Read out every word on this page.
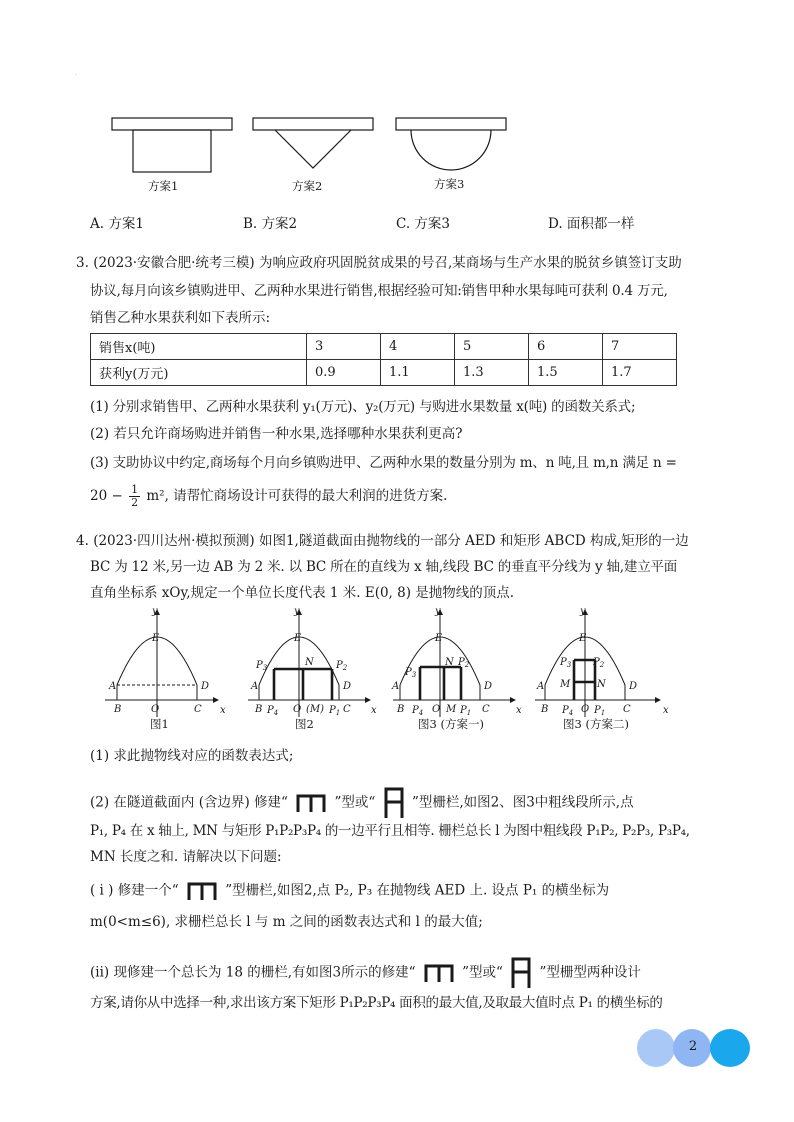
·
方案1	方案2	方案3
A. 方案1	B. 方案2	C. 方案3	D. 面积都一样
3. (2023·安徽合肥·统考三模) 为响应政府巩固脱贫成果的号召,某商场与生产水果的脱贫乡镇签订支助
协议,每月向该乡镇购进甲、乙两种水果进行销售,根据经验可知:销售甲种水果每吨可获利 0.4 万元,
销售乙种水果获利如下表所示:
销售x(吨)	3	4	5	6	7
获利y(万元)	0.9	1.1	1.3	1.5	1.7
(1) 分别求销售甲、乙两种水果获利 y₁(万元)、y₂(万元) 与购进水果数量 x(吨) 的函数关系式;
(2) 若只允许商场购进并销售一种水果,选择哪种水果获利更高?
(3) 支助协议中约定,商场每个月向乡镇购进甲、乙两种水果的数量分别为 m、n 吨,且 m,n 满足 n =
$20 - \frac{1}{2} m^2$, 请帮忙商场设计可获得的最大利润的进货方案.
4. (2023·四川达州·模拟预测) 如图1,隧道截面由抛物线的一部分 AED 和矩形 ABCD 构成,矩形的一边
BC 为 12 米,另一边 AB 为 2 米. 以 BC 所在的直线为 x 轴,线段 BC 的垂直平分线为 y 轴,建立平面
直角坐标系 xOy,规定一个单位长度代表 1 米. E(0, 8) 是抛物线的顶点.
E
A	D
B	O	C
y
x
E
A	D
$P_3$	$P_2$
N
B $P_4$ O (M) $P_1$ C
y
x
E
A	D
$P_3$
$P_2$
N
B $P_4$ O M $P_1$ C
y
x
E
A	D
$P_3$ $P_2$
M	N
B $P_4$ O $P_1$ C
y
x
图1	图2	图3 (方案一)	图3 (方案二)
(1) 求此抛物线对应的函数表达式;
(2) 在隧道截面内 (含边界) 修建“	”型或“	”型栅栏,如图2、图3中粗线段所示,点
P₁, P₄ 在 x 轴上, MN 与矩形 P₁P₂P₃P₄ 的一边平行且相等. 栅栏总长 l 为图中粗线段 P₁P₂, P₂P₃, P₃P₄,
MN 长度之和. 请解决以下问题:
( i ) 修建一个“	”型栅栏,如图2,点 P₂, P₃ 在抛物线 AED 上. 设点 P₁ 的横坐标为
m(0<m≤6), 求栅栏总长 l 与 m 之间的函数表达式和 l 的最大值;
(ii) 现修建一个总长为 18 的栅栏,有如图3所示的修建“	”型或“	”型栅型两种设计
方案,请你从中选择一种,求出该方案下矩形 P₁P₂P₃P₄ 面积的最大值,及取最大值时点 P₁ 的横坐标的
2
